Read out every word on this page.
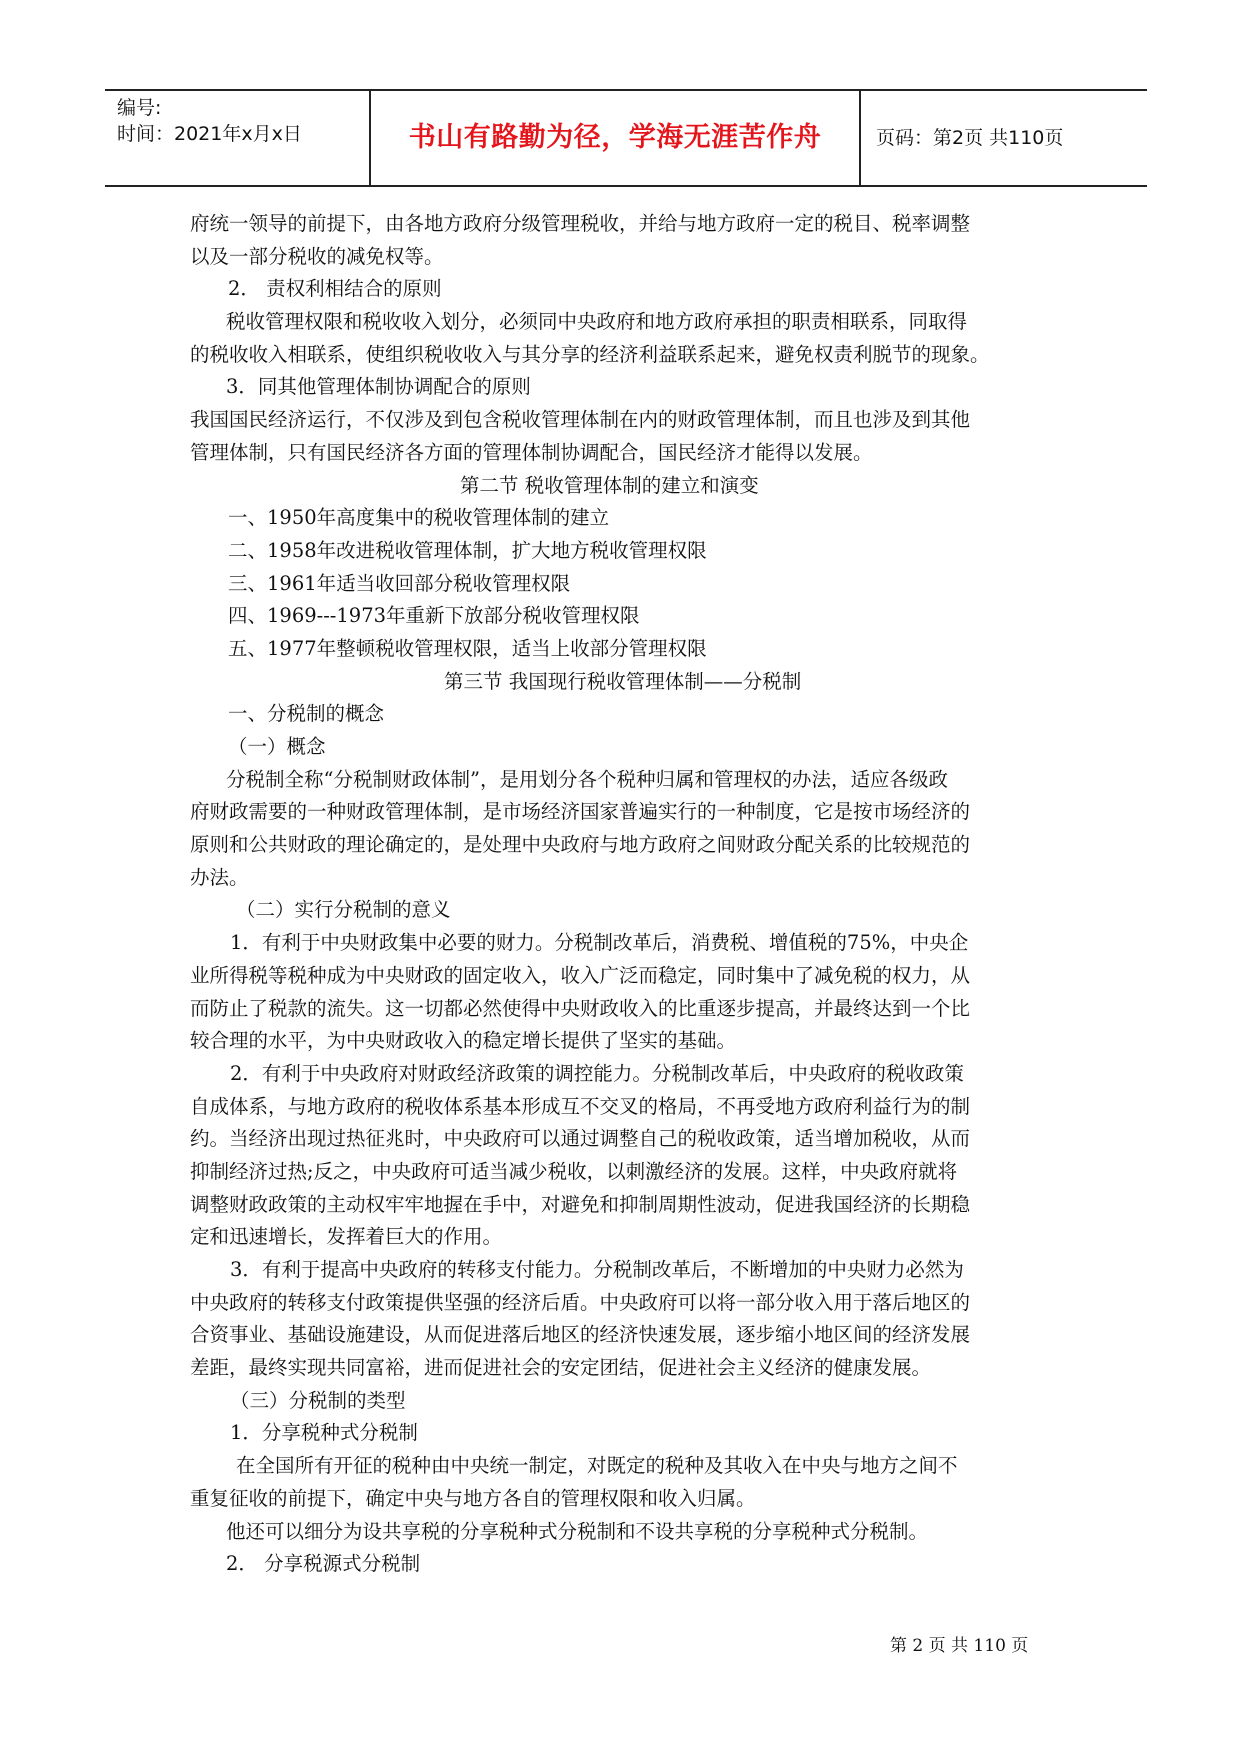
编号:
时间：2021年x月x日	书山有路勤为径，学海无涯苦作舟	页码：第2页 共110页
府统一领导的前提下，由各地方政府分级管理税收，并给与地方政府一定的税目、税率调整
以及一部分税收的减免权等。
2． 责权利相结合的原则
税收管理权限和税收收入划分，必须同中央政府和地方政府承担的职责相联系，同取得
的税收收入相联系，使组织税收收入与其分享的经济利益联系起来，避免权责利脱节的现象。
3．同其他管理体制协调配合的原则
我国国民经济运行，不仅涉及到包含税收管理体制在内的财政管理体制，而且也涉及到其他
管理体制，只有国民经济各方面的管理体制协调配合，国民经济才能得以发展。
第二节 税收管理体制的建立和演变
一、1950年高度集中的税收管理体制的建立
二、1958年改进税收管理体制，扩大地方税收管理权限
三、1961年适当收回部分税收管理权限
四、1969---1973年重新下放部分税收管理权限
五、1977年整顿税收管理权限，适当上收部分管理权限
第三节 我国现行税收管理体制——分税制
一、分税制的概念
（一）概念
分税制全称“分税制财政体制”，是用划分各个税种归属和管理权的办法，适应各级政
府财政需要的一种财政管理体制，是市场经济国家普遍实行的一种制度，它是按市场经济的
原则和公共财政的理论确定的，是处理中央政府与地方政府之间财政分配关系的比较规范的
办法。
（二）实行分税制的意义
1．有利于中央财政集中必要的财力。分税制改革后，消费税、增值税的75%，中央企
业所得税等税种成为中央财政的固定收入，收入广泛而稳定，同时集中了减免税的权力，从
而防止了税款的流失。这一切都必然使得中央财政收入的比重逐步提高，并最终达到一个比
较合理的水平，为中央财政收入的稳定增长提供了坚实的基础。
2．有利于中央政府对财政经济政策的调控能力。分税制改革后，中央政府的税收政策
自成体系，与地方政府的税收体系基本形成互不交叉的格局，不再受地方政府利益行为的制
约。当经济出现过热征兆时，中央政府可以通过调整自己的税收政策，适当增加税收，从而
抑制经济过热;反之，中央政府可适当减少税收，以刺激经济的发展。这样，中央政府就将
调整财政政策的主动权牢牢地握在手中，对避免和抑制周期性波动，促进我国经济的长期稳
定和迅速增长，发挥着巨大的作用。
3．有利于提高中央政府的转移支付能力。分税制改革后，不断增加的中央财力必然为
中央政府的转移支付政策提供坚强的经济后盾。中央政府可以将一部分收入用于落后地区的
合资事业、基础设施建设，从而促进落后地区的经济快速发展，逐步缩小地区间的经济发展
差距，最终实现共同富裕，进而促进社会的安定团结，促进社会主义经济的健康发展。
（三）分税制的类型
1．分享税种式分税制
在全国所有开征的税种由中央统一制定，对既定的税种及其收入在中央与地方之间不
重复征收的前提下，确定中央与地方各自的管理权限和收入归属。
他还可以细分为设共享税的分享税种式分税制和不设共享税的分享税种式分税制。
2． 分享税源式分税制
第 2 页 共 110 页
